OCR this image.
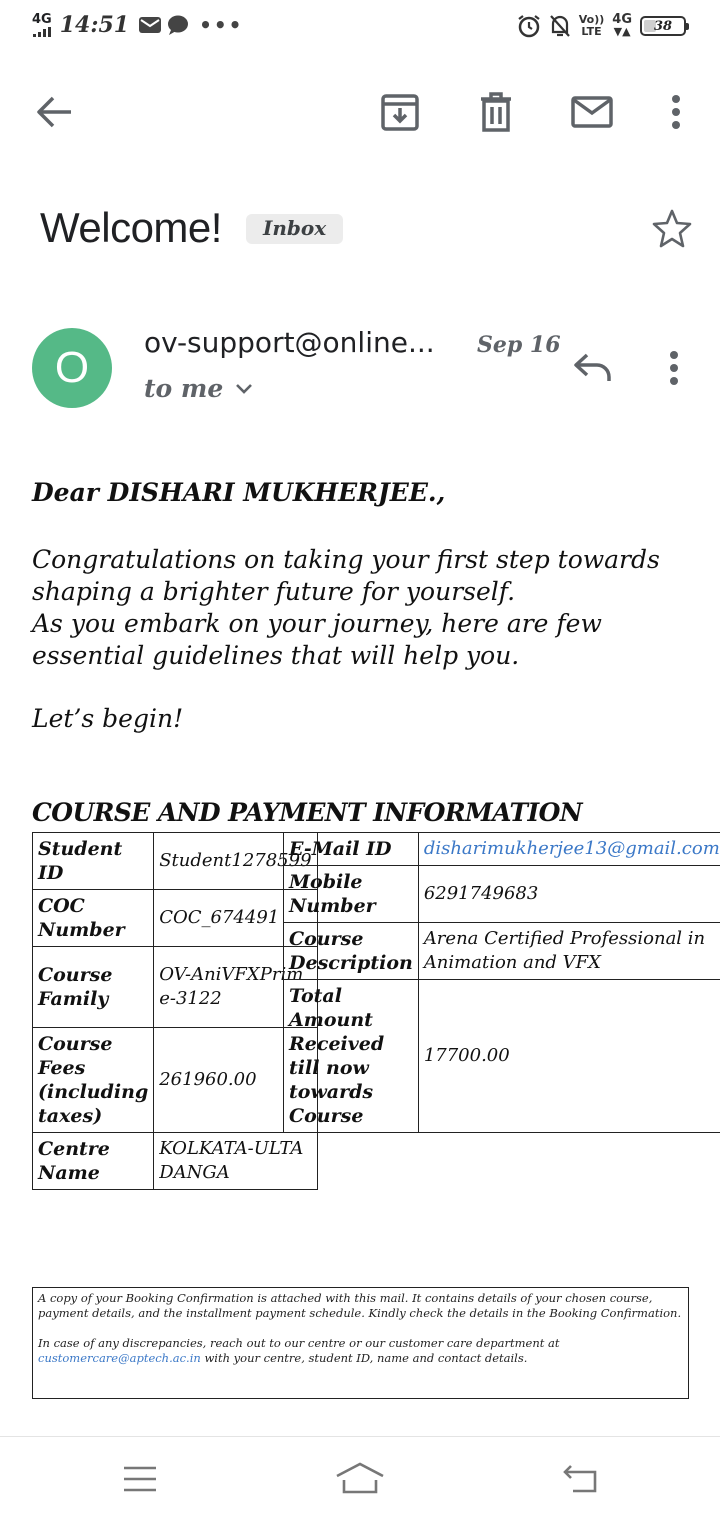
4G 14:51	•••	Vo))
LTE
4G
▼▲ 38
Welcome!	Inbox
O
ov-support@online... Sep 16
to me
Dear DISHARI MUKHERJEE.,
Congratulations on taking your first step towards shaping a brighter future for yourself.
As you embark on your journey, here are few essential guidelines that will help you.
Let’s begin!
COURSE AND PAYMENT INFORMATION
Student ID	Student1278599
COC Number	COC_674491
Course Family	OV-AniVFXPrime-3122
Course Fees (including taxes)	261960.00
Centre Name	KOLKATA-ULTADANGA
E-Mail ID	disharimukherjee13@gmail.com
Mobile Number	6291749683
Course Description	Arena Certified Professional in Animation and VFX
Total Amount Received till now towards Course	17700.00

A copy of your Booking Confirmation is attached with this mail. It contains details of your chosen course, payment details, and the installment payment schedule. Kindly check the details in the Booking Confirmation.

In case of any discrepancies, reach out to our centre or our customer care department at customercare@aptech.ac.in with your centre, student ID, name and contact details.
